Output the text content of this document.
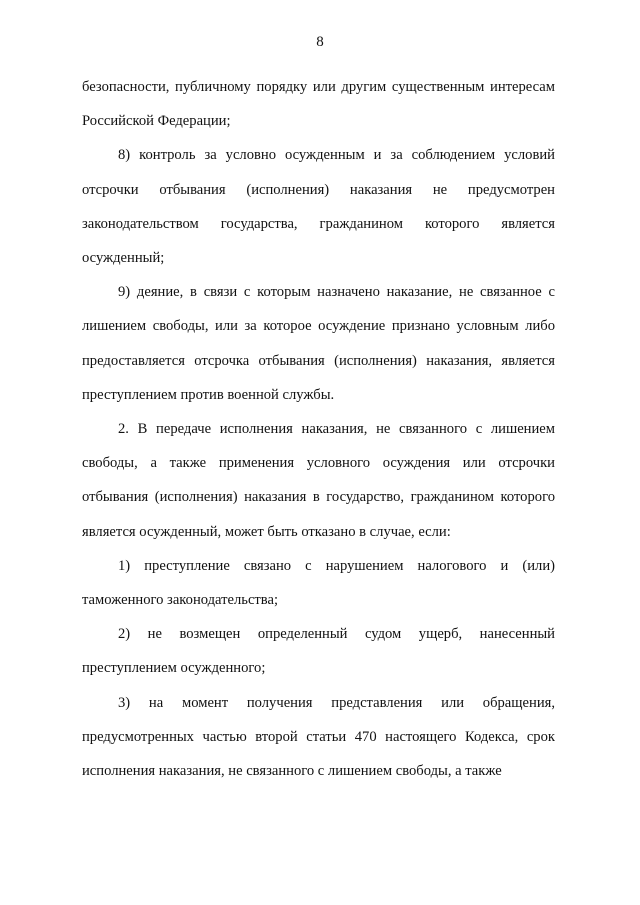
8

безопасности, публичному порядку или другим существенным интересам Российской Федерации;

8) контроль за условно осужденным и за соблюдением условий отсрочки отбывания (исполнения) наказания не предусмотрен законодательством государства, гражданином которого является осужденный;

9) деяние, в связи с которым назначено наказание, не связанное с лишением свободы, или за которое осуждение признано условным либо предоставляется отсрочка отбывания (исполнения) наказания, является преступлением против военной службы.

2. В передаче исполнения наказания, не связанного с лишением свободы, а также применения условного осуждения или отсрочки отбывания (исполнения) наказания в государство, гражданином которого является осужденный, может быть отказано в случае, если:

1) преступление связано с нарушением налогового и (или) таможенного законодательства;

2) не возмещен определенный судом ущерб, нанесенный преступлением осужденного;

3) на момент получения представления или обращения, предусмотренных частью второй статьи 470 настоящего Кодекса, срок исполнения наказания, не связанного с лишением свободы, а также
